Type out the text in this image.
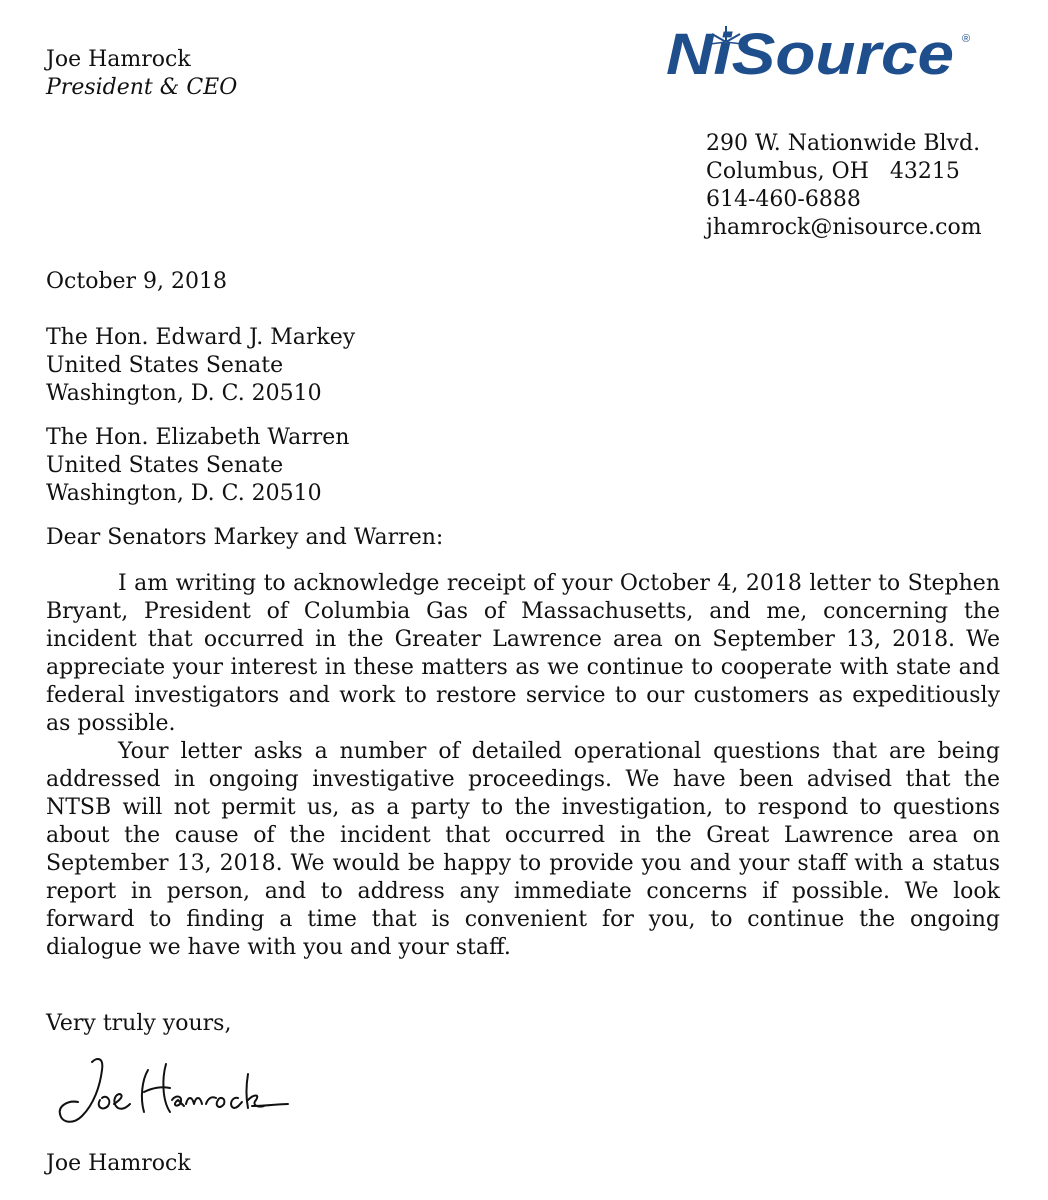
Joe Hamrock
President & CEO
NiSource ®
290 W. Nationwide Blvd.
Columbus, OH   43215
614-460-6888
jhamrock@nisource.com
October 9, 2018
The Hon. Edward J. Markey
United States Senate
Washington, D. C. 20510
The Hon. Elizabeth Warren
United States Senate
Washington, D. C. 20510
Dear Senators Markey and Warren:

I am writing to acknowledge receipt of your October 4, 2018 letter to Stephen Bryant, President of Columbia Gas of Massachusetts, and me, concerning the incident that occurred in the Greater Lawrence area on September 13, 2018. We appreciate your interest in these matters as we continue to cooperate with state and federal investigators and work to restore service to our customers as expeditiously as possible.

Your letter asks a number of detailed operational questions that are being addressed in ongoing investigative proceedings. We have been advised that the NTSB will not permit us, as a party to the investigation, to respond to questions about the cause of the incident that occurred in the Great Lawrence area on September 13, 2018. We would be happy to provide you and your staff with a status report in person, and to address any immediate concerns if possible. We look forward to finding a time that is convenient for you, to continue the ongoing dialogue we have with you and your staff.

Very truly yours,
Joe Hamrock
